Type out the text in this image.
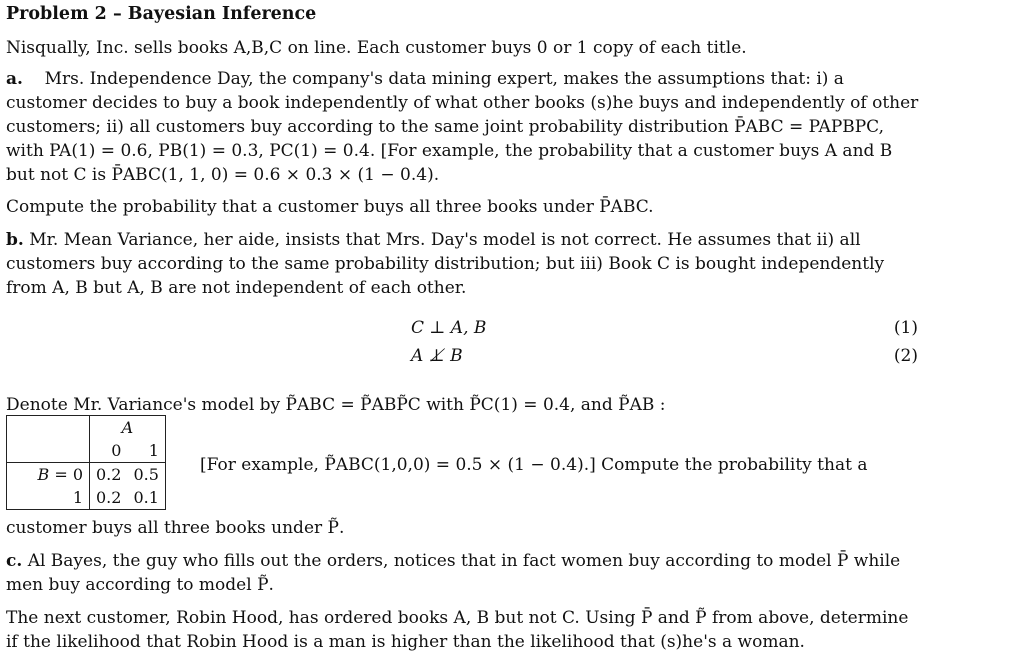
Problem 2 – Bayesian Inference
Nisqually, Inc. sells books A,B,C on line. Each customer buys 0 or 1 copy of each title.
a. Mrs. Independence Day, the company's data mining expert, makes the assumptions that: i) a
customer decides to buy a book independently of what other books (s)he buys and independently of other
customers; ii) all customers buy according to the same joint probability distribution P̄ABC = PAPBPC,
with PA(1) = 0.6, PB(1) = 0.3, PC(1) = 0.4. [For example, the probability that a customer buys A and B
but not C is P̄ABC(1, 1, 0) = 0.6 × 0.3 × (1 − 0.4).
Compute the probability that a customer buys all three books under P̄ABC.
b. Mr. Mean Variance, her aide, insists that Mrs. Day's model is not correct. He assumes that ii) all
customers buy according to the same probability distribution; but iii) Book C is bought independently
from A, B but A, B are not independent of each other.
C ⊥ A, B	(1)
A ⊥̸ B	(2)
Denote Mr. Variance's model by P̃ABC = P̃ABP̃C with P̃C(1) = 0.4, and P̃AB :
	A	
	0	1
B = 0	0.2	0.5
1	0.2	0.1
[For example, P̃ABC(1,0,0) = 0.5 × (1 − 0.4).] Compute the probability that a
customer buys all three books under P̃.
c. Al Bayes, the guy who fills out the orders, notices that in fact women buy according to model P̄ while
men buy according to model P̃.
The next customer, Robin Hood, has ordered books A, B but not C. Using P̄ and P̃ from above, determine
if the likelihood that Robin Hood is a man is higher than the likelihood that (s)he's a woman.
